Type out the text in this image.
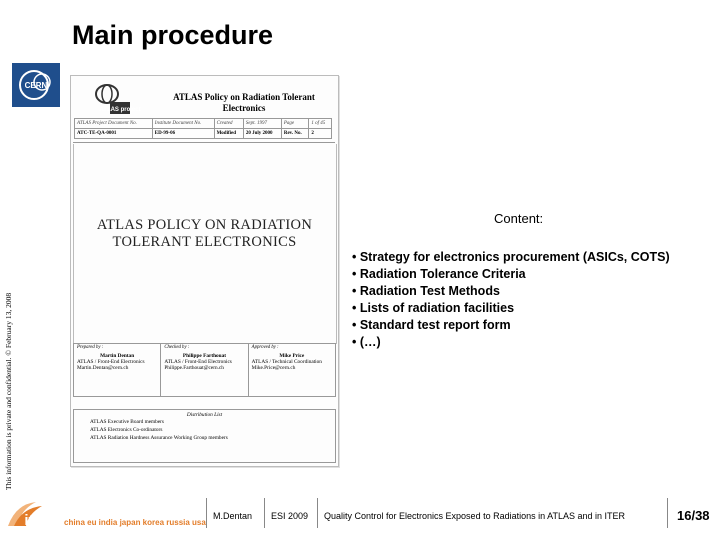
Main procedure
CERN
This information is private and confidential. © February 13, 2008
ATLAS project
ATLAS Policy on Radiation Tolerant
Electronics
ATLAS Project Document No.	Institute Document No.	Created	Sept. 1997	Page	1 of 45
ATC-TE-QA-0001	ED-99-06	Modified	20 July 2000	Rev. No.	2
ATLAS POLICY ON RADIATION
TOLERANT ELECTRONICS
Prepared by :
Martin Dentan
ATLAS / Front-End Electronics
Martin.Dentan@cern.ch

Checked by :
Philippe Farthouat
ATLAS / Front-End Electronics
Philippe.Farthouat@cern.ch

Approved by :
Mike Price
ATLAS / Technical Coordination
Mike.Price@cern.ch
Distribution List
ATLAS Executive Board members
ATLAS Electronics Co-ordinators
ATLAS Radiation Hardness Assurance Working Group members
Content:
• Strategy for electronics procurement (ASICs, COTS)
• Radiation Tolerance Criteria
• Radiation Test Methods
• Lists of radiation facilities
• Standard test report form
• (…)
iter china eu india japan korea russia usa
M.Dentan ESI 2009 Quality Control for Electronics Exposed to Radiations in ATLAS and in ITER	16/38
